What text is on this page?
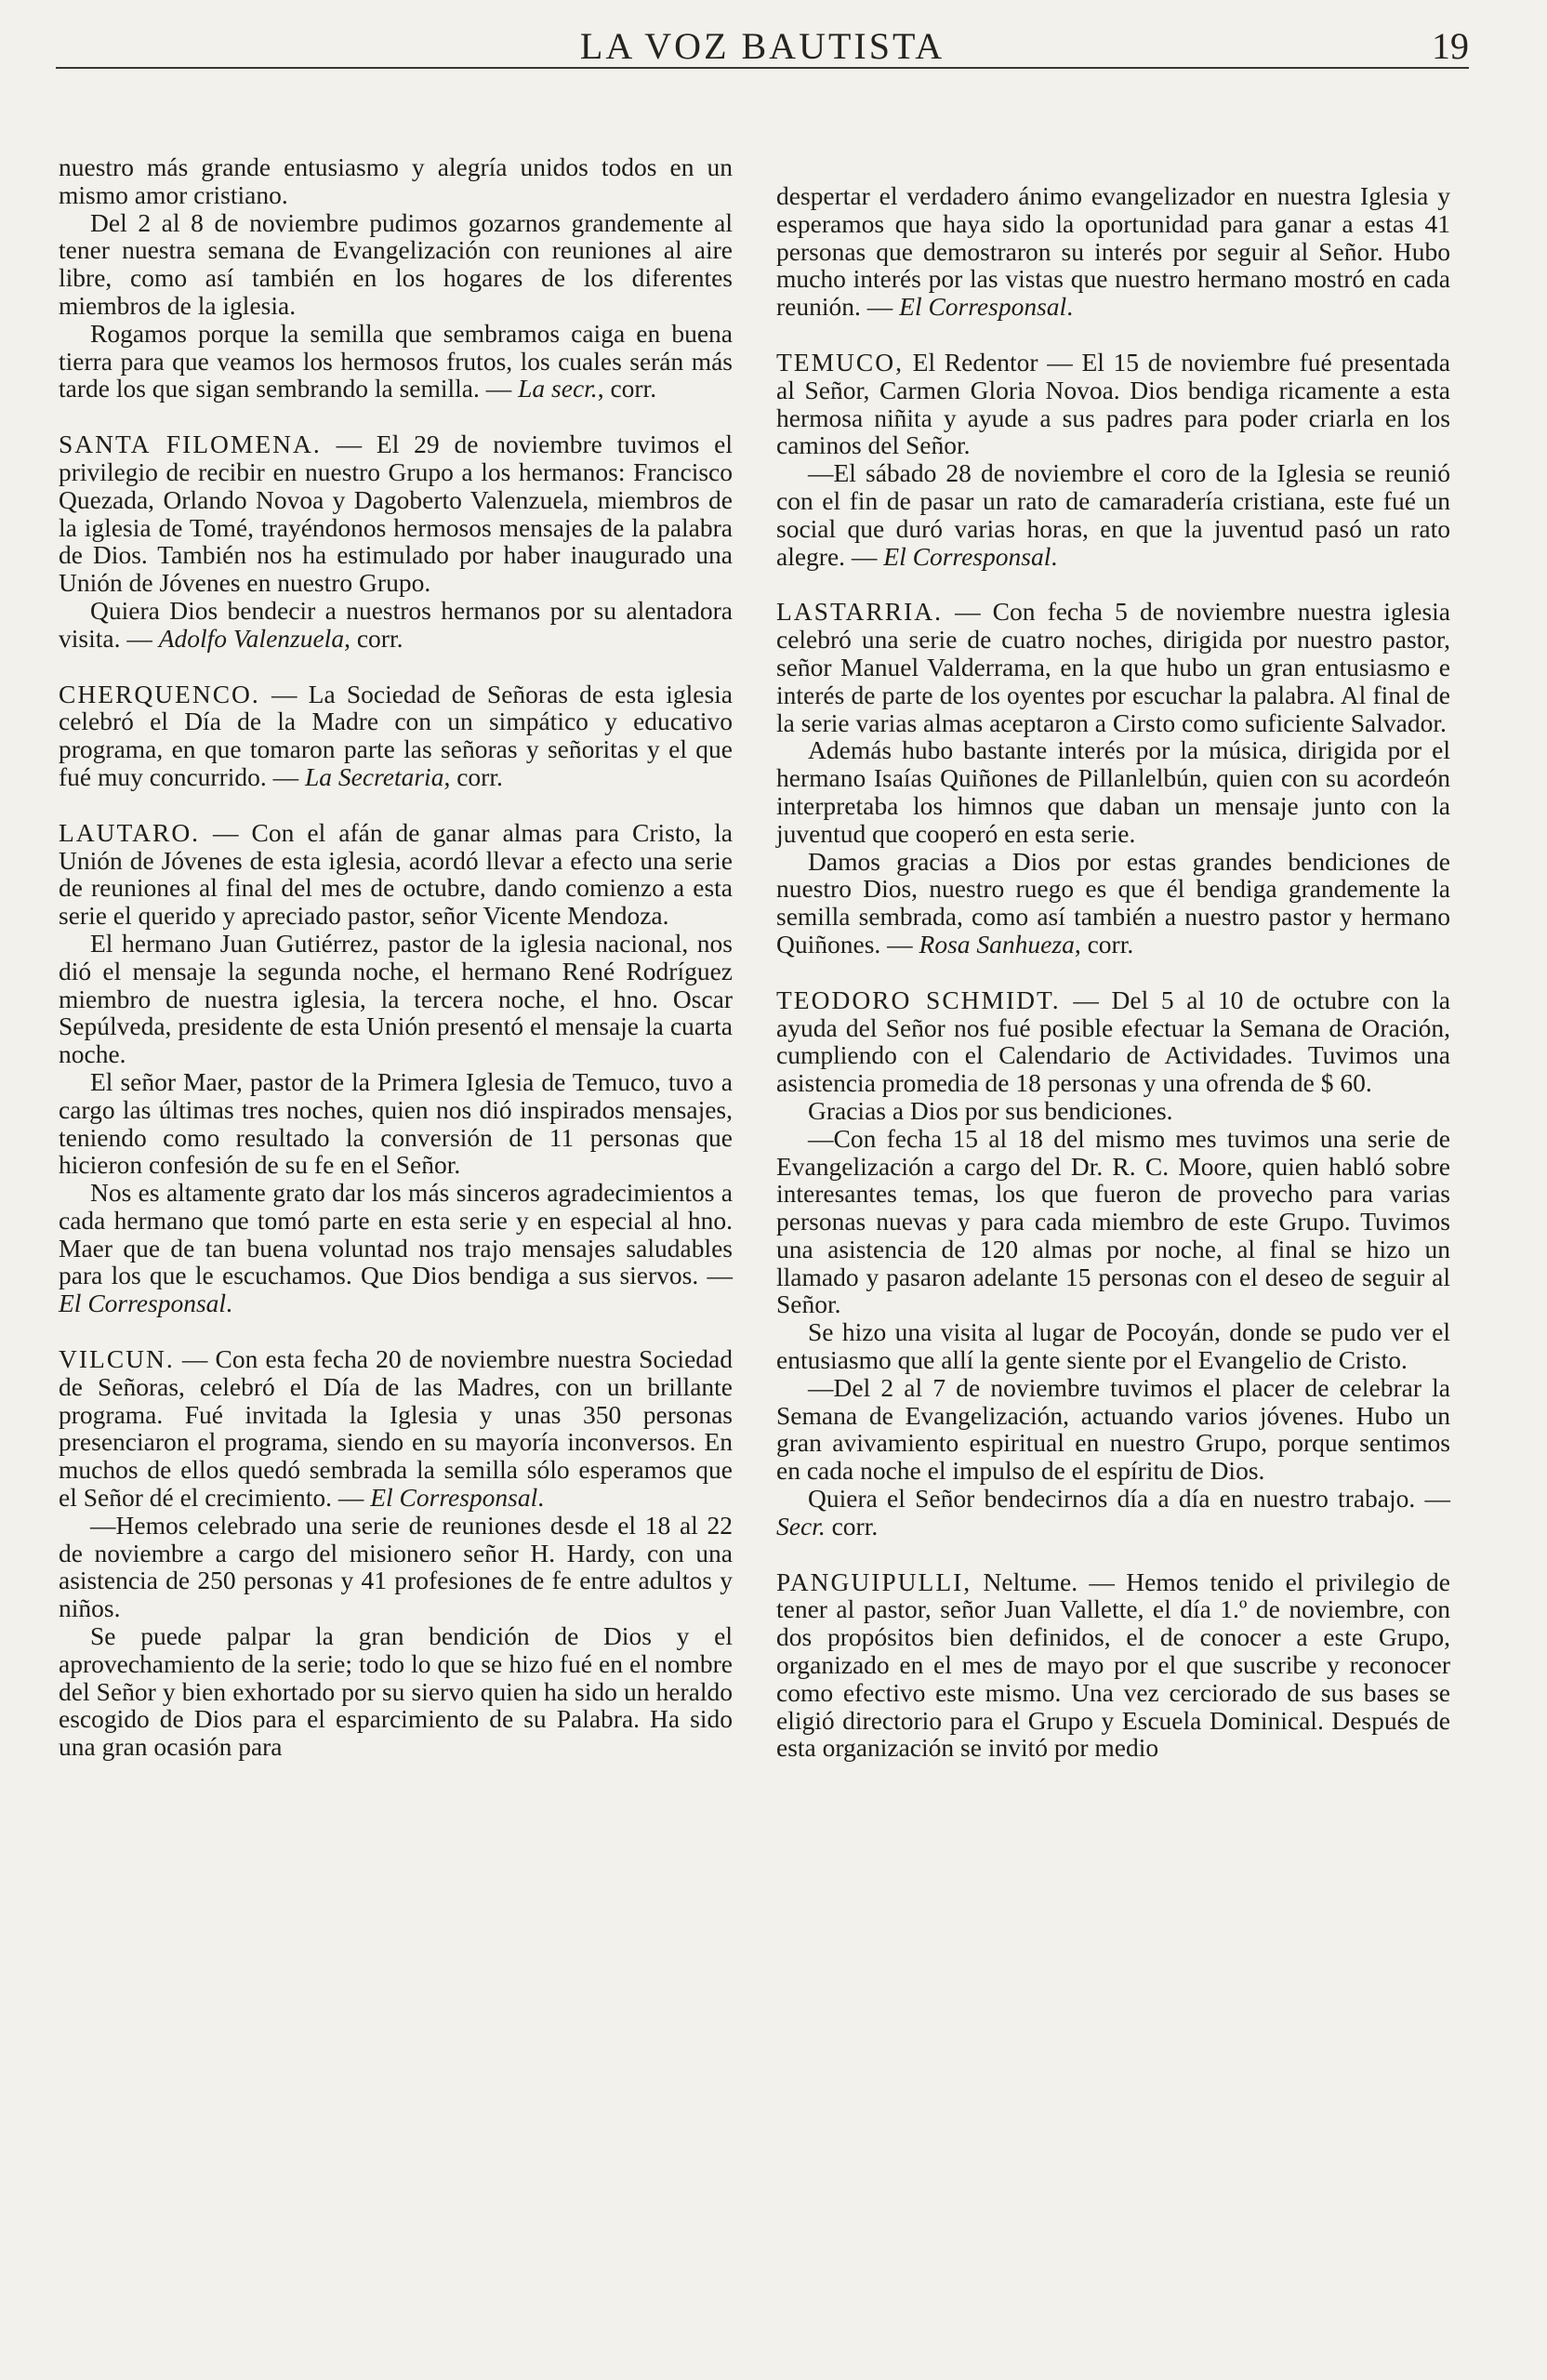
LA VOZ BAUTISTA	19

nuestro más grande entusiasmo y alegría unidos todos en un mismo amor cristiano.

Del 2 al 8 de noviembre pudimos gozarnos grandemente al tener nuestra semana de Evangelización con reuniones al aire libre, como así también en los hogares de los diferentes miembros de la iglesia.

Rogamos porque la semilla que sembramos caiga en buena tierra para que veamos los hermosos frutos, los cuales serán más tarde los que sigan sembrando la semilla. — La secr., corr.

SANTA FILOMENA. — El 29 de noviembre tuvimos el privilegio de recibir en nuestro Grupo a los hermanos: Francisco Quezada, Orlando Novoa y Dagoberto Valenzuela, miembros de la iglesia de Tomé, trayéndonos hermosos mensajes de la palabra de Dios. También nos ha estimulado por haber inaugurado una Unión de Jóvenes en nuestro Grupo.

Quiera Dios bendecir a nuestros hermanos por su alentadora visita. — Adolfo Valenzuela, corr.

CHERQUENCO. — La Sociedad de Señoras de esta iglesia celebró el Día de la Madre con un simpático y educativo programa, en que tomaron parte las señoras y señoritas y el que fué muy concurrido. — La Secretaria, corr.

LAUTARO. — Con el afán de ganar almas para Cristo, la Unión de Jóvenes de esta iglesia, acordó llevar a efecto una serie de reuniones al final del mes de octubre, dando comienzo a esta serie el querido y apreciado pastor, señor Vicente Mendoza.

El hermano Juan Gutiérrez, pastor de la iglesia nacional, nos dió el mensaje la segunda noche, el hermano René Rodríguez miembro de nuestra iglesia, la tercera noche, el hno. Oscar Sepúlveda, presidente de esta Unión presentó el mensaje la cuarta noche.

El señor Maer, pastor de la Primera Iglesia de Temuco, tuvo a cargo las últimas tres noches, quien nos dió inspirados mensajes, teniendo como resultado la conversión de 11 personas que hicieron confesión de su fe en el Señor.

Nos es altamente grato dar los más sinceros agradecimientos a cada hermano que tomó parte en esta serie y en especial al hno. Maer que de tan buena voluntad nos trajo mensajes saludables para los que le escuchamos. Que Dios bendiga a sus siervos. — El Corresponsal.

VILCUN. — Con esta fecha 20 de noviembre nuestra Sociedad de Señoras, celebró el Día de las Madres, con un brillante programa. Fué invitada la Iglesia y unas 350 personas presenciaron el programa, siendo en su mayoría inconversos. En muchos de ellos quedó sembrada la semilla sólo esperamos que el Señor dé el crecimiento. — El Corresponsal.

—Hemos celebrado una serie de reuniones desde el 18 al 22 de noviembre a cargo del misionero señor H. Hardy, con una asistencia de 250 personas y 41 profesiones de fe entre adultos y niños.

Se puede palpar la gran bendición de Dios y el aprovechamiento de la serie; todo lo que se hizo fué en el nombre del Señor y bien exhortado por su siervo quien ha sido un heraldo escogido de Dios para el esparcimiento de su Palabra. Ha sido una gran ocasión para

despertar el verdadero ánimo evangelizador en nuestra Iglesia y esperamos que haya sido la oportunidad para ganar a estas 41 personas que demostraron su interés por seguir al Señor. Hubo mucho interés por las vistas que nuestro hermano mostró en cada reunión. — El Corresponsal.

TEMUCO, El Redentor — El 15 de noviembre fué presentada al Señor, Carmen Gloria Novoa. Dios bendiga ricamente a esta hermosa niñita y ayude a sus padres para poder criarla en los caminos del Señor.

—El sábado 28 de noviembre el coro de la Iglesia se reunió con el fin de pasar un rato de camaradería cristiana, este fué un social que duró varias horas, en que la juventud pasó un rato alegre. — El Corresponsal.

LASTARRIA. — Con fecha 5 de noviembre nuestra iglesia celebró una serie de cuatro noches, dirigida por nuestro pastor, señor Manuel Valderrama, en la que hubo un gran entusiasmo e interés de parte de los oyentes por escuchar la palabra. Al final de la serie varias almas aceptaron a Cirsto como suficiente Salvador.

Además hubo bastante interés por la música, dirigida por el hermano Isaías Quiñones de Pillanlelbún, quien con su acordeón interpretaba los himnos que daban un mensaje junto con la juventud que cooperó en esta serie.

Damos gracias a Dios por estas grandes bendiciones de nuestro Dios, nuestro ruego es que él bendiga grandemente la semilla sembrada, como así también a nuestro pastor y hermano Quiñones. — Rosa Sanhueza, corr.

TEODORO SCHMIDT. — Del 5 al 10 de octubre con la ayuda del Señor nos fué posible efectuar la Semana de Oración, cumpliendo con el Calendario de Actividades. Tuvimos una asistencia promedia de 18 personas y una ofrenda de $ 60.

Gracias a Dios por sus bendiciones.

—Con fecha 15 al 18 del mismo mes tuvimos una serie de Evangelización a cargo del Dr. R. C. Moore, quien habló sobre interesantes temas, los que fueron de provecho para varias personas nuevas y para cada miembro de este Grupo. Tuvimos una asistencia de 120 almas por noche, al final se hizo un llamado y pasaron adelante 15 personas con el deseo de seguir al Señor.

Se hizo una visita al lugar de Pocoyán, donde se pudo ver el entusiasmo que allí la gente siente por el Evangelio de Cristo.

—Del 2 al 7 de noviembre tuvimos el placer de celebrar la Semana de Evangelización, actuando varios jóvenes. Hubo un gran avivamiento espiritual en nuestro Grupo, porque sentimos en cada noche el impulso de el espíritu de Dios.

Quiera el Señor bendecirnos día a día en nuestro trabajo. — Secr. corr.

PANGUIPULLI, Neltume. — Hemos tenido el privilegio de tener al pastor, señor Juan Vallette, el día 1.º de noviembre, con dos propósitos bien definidos, el de conocer a este Grupo, organizado en el mes de mayo por el que suscribe y reconocer como efectivo este mismo. Una vez cerciorado de sus bases se eligió directorio para el Grupo y Escuela Dominical. Después de esta organización se invitó por medio
